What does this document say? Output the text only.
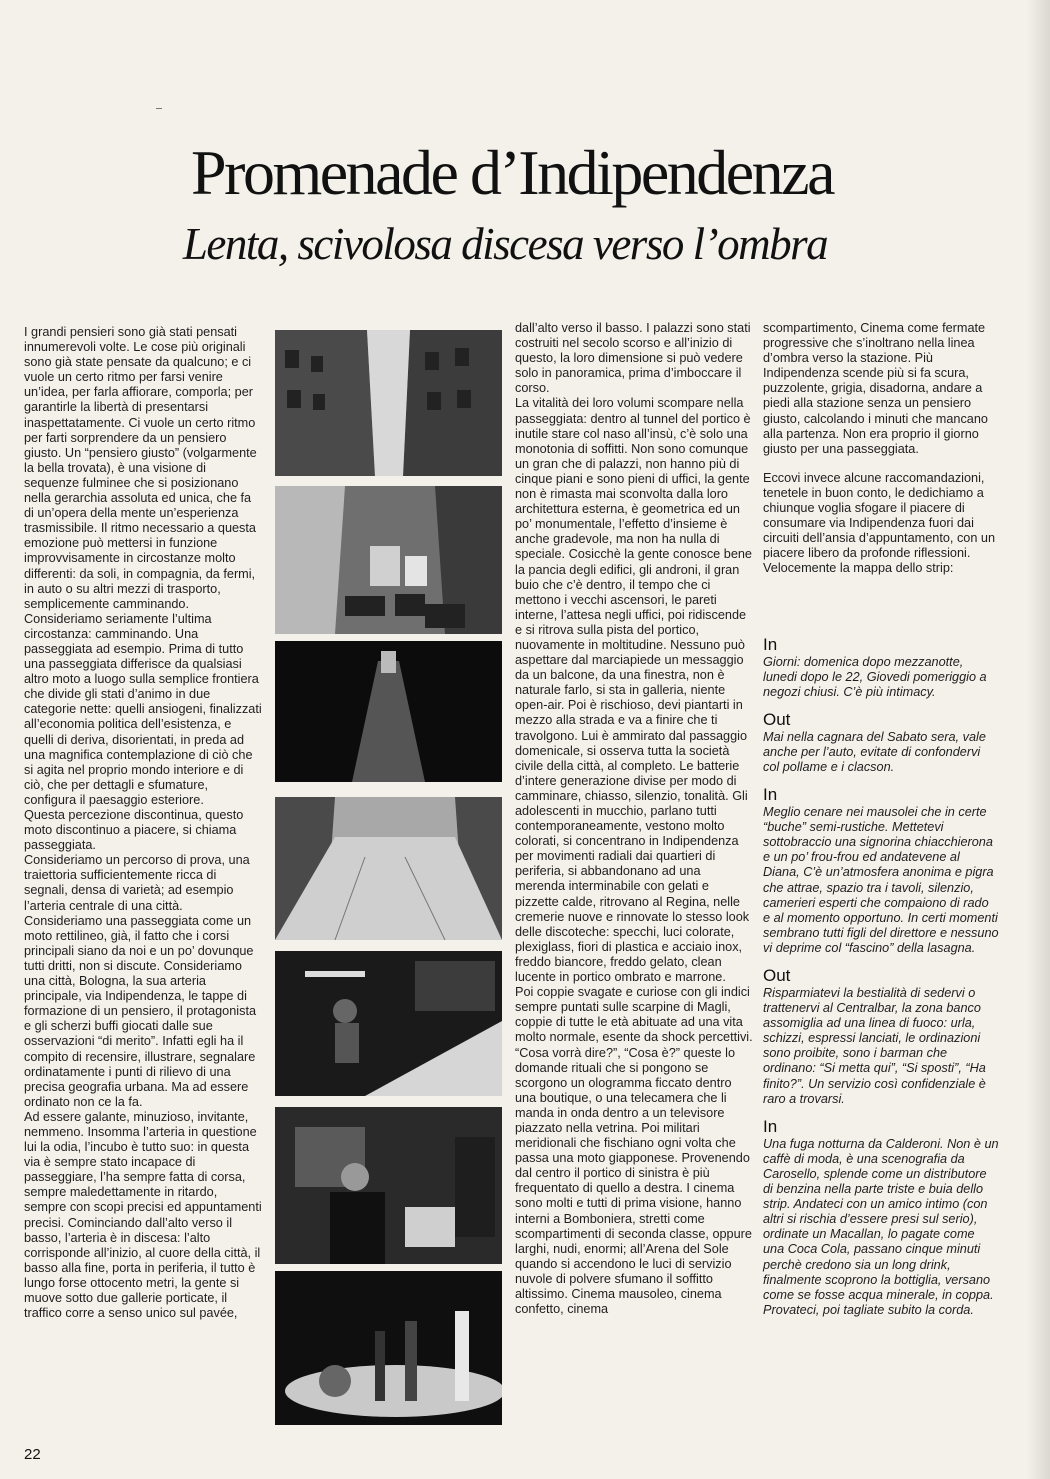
Promenade d’Indipendenza
Lenta, scivolosa discesa verso l’ombra

I grandi pensieri sono già stati pensati innumerevoli volte. Le cose più originali sono già state pensate da qualcuno; e ci vuole un certo ritmo per farsi venire un’idea, per farla affiorare, comporla; per garantirle la libertà di presentarsi inaspettatamente. Ci vuole un certo ritmo per farti sorprendere da un pensiero giusto. Un “pensiero giusto” (volgarmente la bella trovata), è una visione di sequenze fulminee che si posizionano nella gerarchia assoluta ed unica, che fa di un’opera della mente un’esperienza trasmissibile. Il ritmo necessario a questa emozione può mettersi in funzione improvvisamente in circostanze molto differenti: da soli, in compagnia, da fermi, in auto o su altri mezzi di trasporto, semplicemente camminando.

Consideriamo seriamente l’ultima circostanza: camminando. Una passeggiata ad esempio. Prima di tutto una passeggiata differisce da qualsiasi altro moto a luogo sulla semplice frontiera che divide gli stati d’animo in due categorie nette: quelli ansiogeni, finalizzati all’economia politica dell’esistenza, e quelli di deriva, disorientati, in preda ad una magnifica contemplazione di ciò che si agita nel proprio mondo interiore e di ciò, che per dettagli e sfumature, configura il paesaggio esteriore.

Questa percezione discontinua, questo moto discontinuo a piacere, si chiama passeggiata.

Consideriamo un percorso di prova, una traiettoria sufficientemente ricca di segnali, densa di varietà; ad esempio l’arteria centrale di una città. Consideriamo una passeggiata come un moto rettilineo, già, il fatto che i corsi principali siano da noi e un po’ dovunque tutti dritti, non si discute. Consideriamo una città, Bologna, la sua arteria principale, via Indipendenza, le tappe di formazione di un pensiero, il protagonista e gli scherzi buffi giocati dalle sue osservazioni “di merito”. Infatti egli ha il compito di recensire, illustrare, segnalare ordinatamente i punti di rilievo di una precisa geografia urbana. Ma ad essere ordinato non ce la fa.

Ad essere galante, minuzioso, invitante, nemmeno. Insomma l’arteria in questione lui la odia, l’incubo è tutto suo: in questa via è sempre stato incapace di passeggiare, l’ha sempre fatta di corsa, sempre maledettamente in ritardo, sempre con scopi precisi ed appuntamenti precisi. Cominciando dall’alto verso il basso, l’arteria è in discesa: l’alto corrisponde all’inizio, al cuore della città, il basso alla fine, porta in periferia, il tutto è lungo forse ottocento metri, la gente si muove sotto due gallerie porticate, il traffico corre a senso unico sul pavée,

dall’alto verso il basso. I palazzi sono stati costruiti nel secolo scorso e all’inizio di questo, la loro dimensione si può vedere solo in panoramica, prima d’imboccare il corso.

La vitalità dei loro volumi scompare nella passeggiata: dentro al tunnel del portico è inutile stare col naso all’insù, c’è solo una monotonia di soffitti. Non sono comunque un gran che di palazzi, non hanno più di cinque piani e sono pieni di uffici, la gente non è rimasta mai sconvolta dalla loro architettura esterna, è geometrica ed un po’ monumentale, l’effetto d’insieme è anche gradevole, ma non ha nulla di speciale. Cosicchè la gente conosce bene la pancia degli edifici, gli androni, il gran buio che c’è dentro, il tempo che ci mettono i vecchi ascensori, le pareti interne, l’attesa negli uffici, poi ridiscende e si ritrova sulla pista del portico, nuovamente in moltitudine. Nessuno può aspettare dal marciapiede un messaggio da un balcone, da una finestra, non è naturale farlo, si sta in galleria, niente open-air. Poi è rischioso, devi piantarti in mezzo alla strada e va a finire che ti travolgono. Lui è ammirato dal passaggio domenicale, si osserva tutta la società civile della città, al completo. Le batterie d’intere generazione divise per modo di camminare, chiasso, silenzio, tonalità. Gli adolescenti in mucchio, parlano tutti contemporaneamente, vestono molto colorati, si concentrano in Indipendenza per movimenti radiali dai quartieri di periferia, si abbandonano ad una merenda interminabile con gelati e pizzette calde, ritrovano al Regina, nelle cremerie nuove e rinnovate lo stesso look delle discoteche: specchi, luci colorate, plexiglass, fiori di plastica e acciaio inox, freddo biancore, freddo gelato, clean lucente in portico ombrato e marrone.

Poi coppie svagate e curiose con gli indici sempre puntati sulle scarpine di Magli, coppie di tutte le età abituate ad una vita molto normale, esente da shock percettivi. “Cosa vorrà dire?”, “Cosa è?” queste lo domande rituali che si pongono se scorgono un ologramma ficcato dentro una boutique, o una telecamera che li manda in onda dentro a un televisore piazzato nella vetrina. Poi militari meridionali che fischiano ogni volta che passa una moto giapponese. Provenendo dal centro il portico di sinistra è più frequentato di quello a destra. I cinema sono molti e tutti di prima visione, hanno interni a Bomboniera, stretti come scompartimenti di seconda classe, oppure larghi, nudi, enormi; all’Arena del Sole quando si accendono le luci di servizio nuvole di polvere sfumano il soffitto altissimo. Cinema mausoleo, cinema confetto, cinema

scompartimento, Cinema come fermate progressive che s’inoltrano nella linea d’ombra verso la stazione. Più Indipendenza scende più si fa scura, puzzolente, grigia, disadorna, andare a piedi alla stazione senza un pensiero giusto, calcolando i minuti che mancano alla partenza. Non era proprio il giorno giusto per una passeggiata.

Eccovi invece alcune raccomandazioni, tenetele in buon conto, le dedichiamo a chiunque voglia sfogare il piacere di consumare via Indipendenza fuori dai circuiti dell’ansia d’appuntamento, con un piacere libero da profonde riflessioni.

Velocemente la mappa dello strip:

In

Giorni: domenica dopo mezzanotte, lunedi dopo le 22, Giovedi pomeriggio a negozi chiusi. C’è più intimacy.

Out

Mai nella cagnara del Sabato sera, vale anche per l’auto, evitate di confondervi col pollame e i clacson.

In

Meglio cenare nei mausolei che in certe “buche” semi-rustiche. Mettetevi sottobraccio una signorina chiacchierona e un po’ frou-frou ed andatevene al Diana, C’è un’atmosfera anonima e pigra che attrae, spazio tra i tavoli, silenzio, camerieri esperti che compaiono di rado e al momento opportuno. In certi momenti sembrano tutti figli del direttore e nessuno vi deprime col “fascino” della lasagna.

Out

Risparmiatevi la bestialità di sedervi o trattenervi al Centralbar, la zona banco assomiglia ad una linea di fuoco: urla, schizzi, espressi lanciati, le ordinazioni sono proibite, sono i barman che ordinano: “Si metta qui”, “Si sposti”, “Ha finito?”. Un servizio così confidenziale è raro a trovarsi.

In

Una fuga notturna da Calderoni. Non è un caffè di moda, è una scenografia da Carosello, splende come un distributore di benzina nella parte triste e buia dello strip. Andateci con un amico intimo (con altri si rischia d’essere presi sul serio), ordinate un Macallan, lo pagate come una Coca Cola, passano cinque minuti perchè credono sia un long drink, finalmente scoprono la bottiglia, versano come se fosse acqua minerale, in coppa. Provateci, poi tagliate subito la corda.

22
